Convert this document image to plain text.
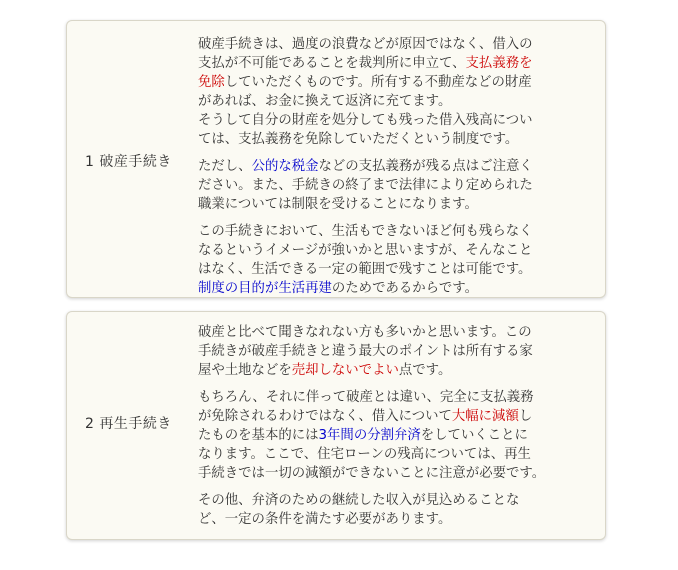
1 破産手続き
破産手続きは、過度の浪費などが原因ではなく、借入の
支払が不可能であることを裁判所に申立て、支払義務を
免除していただくものです。所有する不動産などの財産
があれば、お金に換えて返済に充てます。
そうして自分の財産を処分しても残った借入残高につい
ては、支払義務を免除していただくという制度です。
ただし、公的な税金などの支払義務が残る点はご注意く
ださい。また、手続きの終了まで法律により定められた
職業については制限を受けることになります。
この手続きにおいて、生活もできないほど何も残らなく
なるというイメージが強いかと思いますが、そんなこと
はなく、生活できる一定の範囲で残すことは可能です。
制度の目的が生活再建のためであるからです。
2 再生手続き
破産と比べて聞きなれない方も多いかと思います。この
手続きが破産手続きと違う最大のポイントは所有する家
屋や土地などを売却しないでよい点です。
もちろん、それに伴って破産とは違い、完全に支払義務
が免除されるわけではなく、借入について大幅に減額し
たものを基本的には3年間の分割弁済をしていくことに
なります。ここで、住宅ローンの残高については、再生
手続きでは一切の減額ができないことに注意が必要です。
その他、弁済のための継続した収入が見込めることな
ど、一定の条件を満たす必要があります。
